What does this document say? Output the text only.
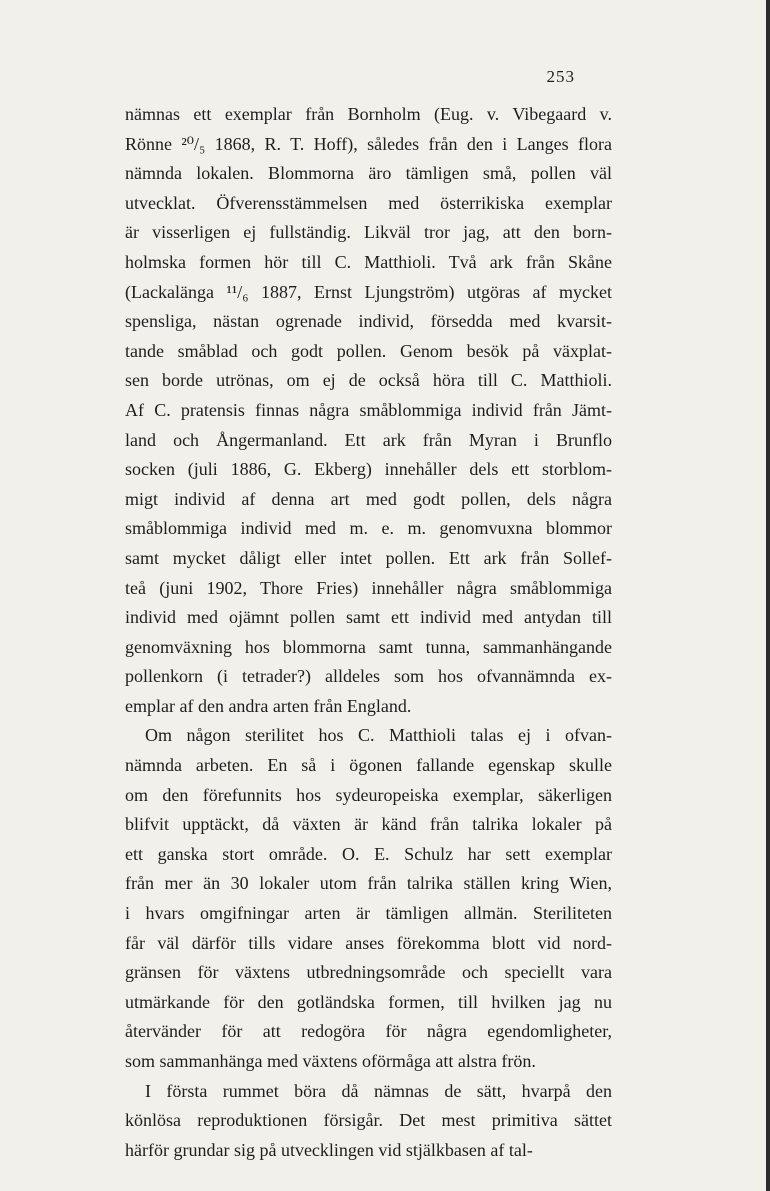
253
nämnas ett exemplar från Bornholm (Eug. v. Vibegaard v.
Rönne ²⁰/₅ 1868, R. T. Hoff), således från den i Langes flora
nämnda lokalen. Blommorna äro tämligen små, pollen väl
utvecklat. Öfverensstämmelsen med österrikiska exemplar
är visserligen ej fullständig. Likväl tror jag, att den born-
holmska formen hör till C. Matthioli. Två ark från Skåne
(Lackalänga ¹¹/₆ 1887, Ernst Ljungström) utgöras af mycket
spensliga, nästan ogrenade individ, försedda med kvarsit-
tande småblad och godt pollen. Genom besök på växplat-
sen borde utrönas, om ej de också höra till C. Matthioli.
Af C. pratensis finnas några småblommiga individ från Jämt-
land och Ångermanland. Ett ark från Myran i Brunflo
socken (juli 1886, G. Ekberg) innehåller dels ett storblom-
migt individ af denna art med godt pollen, dels några
småblommiga individ med m. e. m. genomvuxna blommor
samt mycket dåligt eller intet pollen. Ett ark från Sollef-
teå (juni 1902, Thore Fries) innehåller några småblommiga
individ med ojämnt pollen samt ett individ med antydan till
genomväxning hos blommorna samt tunna, sammanhängande
pollenkorn (i tetrader?) alldeles som hos ofvannämnda ex-
emplar af den andra arten från England.
Om någon sterilitet hos C. Matthioli talas ej i ofvan-
nämnda arbeten. En så i ögonen fallande egenskap skulle
om den förefunnits hos sydeuropeiska exemplar, säkerligen
blifvit upptäckt, då växten är känd från talrika lokaler på
ett ganska stort område. O. E. Schulz har sett exemplar
från mer än 30 lokaler utom från talrika ställen kring Wien,
i hvars omgifningar arten är tämligen allmän. Steriliteten
får väl därför tills vidare anses förekomma blott vid nord-
gränsen för växtens utbredningsområde och speciellt vara
utmärkande för den gotländska formen, till hvilken jag nu
återvänder för att redogöra för några egendomligheter,
som sammanhänga med växtens oförmåga att alstra frön.
I första rummet böra då nämnas de sätt, hvarpå den
könlösa reproduktionen försigår. Det mest primitiva sättet
härför grundar sig på utvecklingen vid stjälkbasen af tal-
